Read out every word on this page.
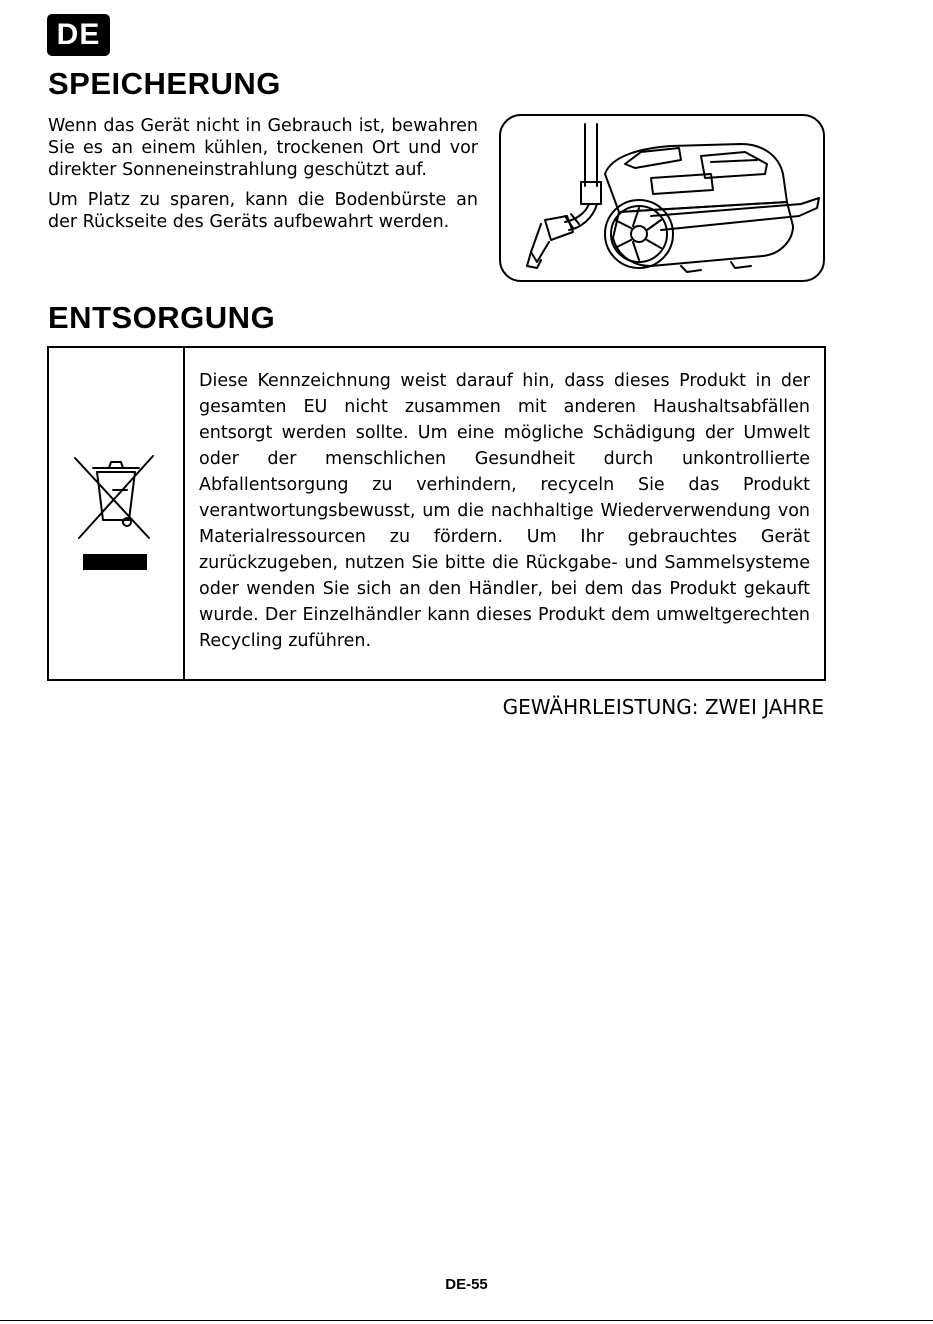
DE
SPEICHERUNG

Wenn das Gerät nicht in Gebrauch ist, bewahren Sie es an einem kühlen, trockenen Ort und vor direkter Sonneneinstrahlung geschützt auf.

Um Platz zu sparen, kann die Bodenbürste an der Rückseite des Geräts aufbewahrt werden.

ENTSORGUNG
Diese Kennzeichnung weist darauf hin, dass dieses Produkt in der gesamten EU nicht zusammen mit anderen Haushaltsabfällen entsorgt werden sollte. Um eine mögliche Schädigung der Umwelt oder der menschlichen Gesundheit durch unkontrollierte Abfallentsorgung zu verhindern, recyceln Sie das Produkt verantwortungsbewusst, um die nachhaltige Wiederverwendung von Materialressourcen zu fördern. Um Ihr gebrauchtes Gerät zurückzugeben, nutzen Sie bitte die Rückgabe- und Sammelsysteme oder wenden Sie sich an den Händler, bei dem das Produkt gekauft wurde. Der Einzelhändler kann dieses Produkt dem umweltgerechten Recycling zuführen.
GEWÄHRLEISTUNG: ZWEI JAHRE
DE-55
